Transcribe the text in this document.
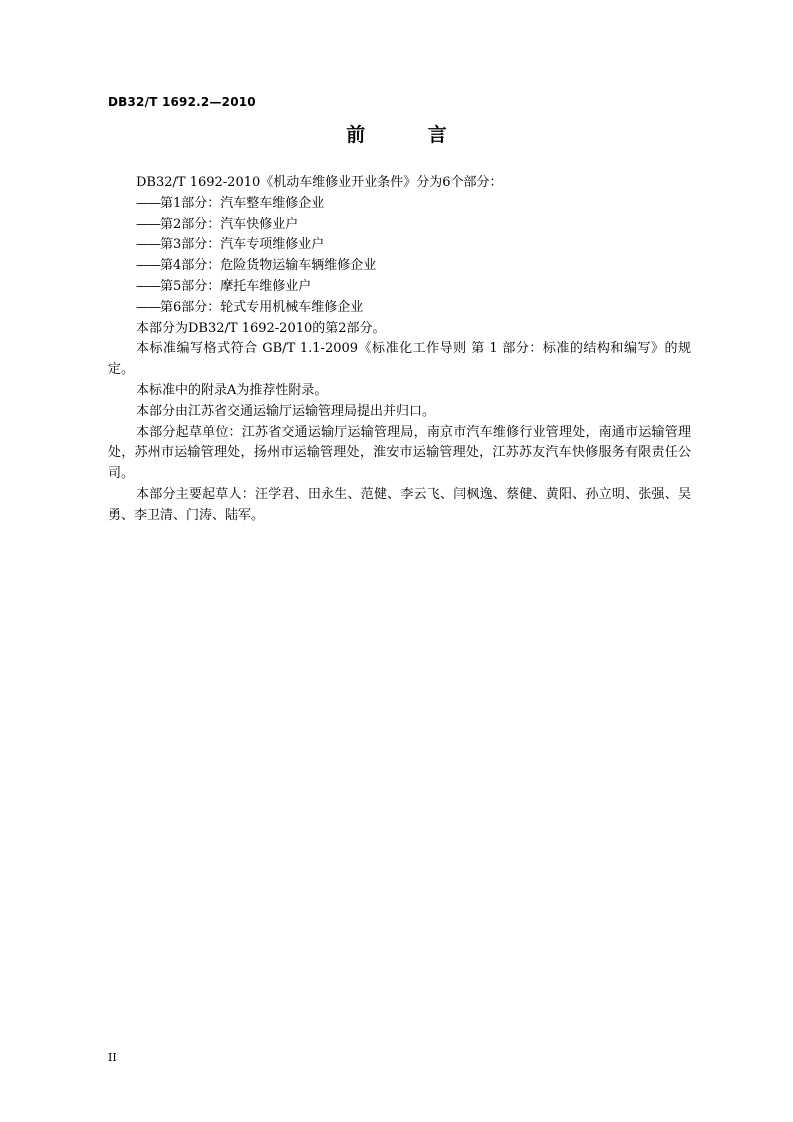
DB32/T 1692.2—2010
前 言

DB32/T 1692-2010《机动车维修业开业条件》分为6个部分：

——第1部分：汽车整车维修企业

——第2部分：汽车快修业户

——第3部分：汽车专项维修业户

——第4部分：危险货物运输车辆维修企业

——第5部分：摩托车维修业户

——第6部分：轮式专用机械车维修企业

本部分为DB32/T 1692-2010的第2部分。

本标准编写格式符合 GB/T 1.1-2009《标准化工作导则 第 1 部分：标准的结构和编写》的规定。

本标准中的附录A为推荐性附录。

本部分由江苏省交通运输厅运输管理局提出并归口。

本部分起草单位：江苏省交通运输厅运输管理局，南京市汽车维修行业管理处，南通市运输管理处，苏州市运输管理处，扬州市运输管理处，淮安市运输管理处，江苏苏友汽车快修服务有限责任公司。

本部分主要起草人：汪学君、田永生、范健、李云飞、闫枫逸、蔡健、黄阳、孙立明、张强、吴勇、李卫清、门涛、陆军。

II
